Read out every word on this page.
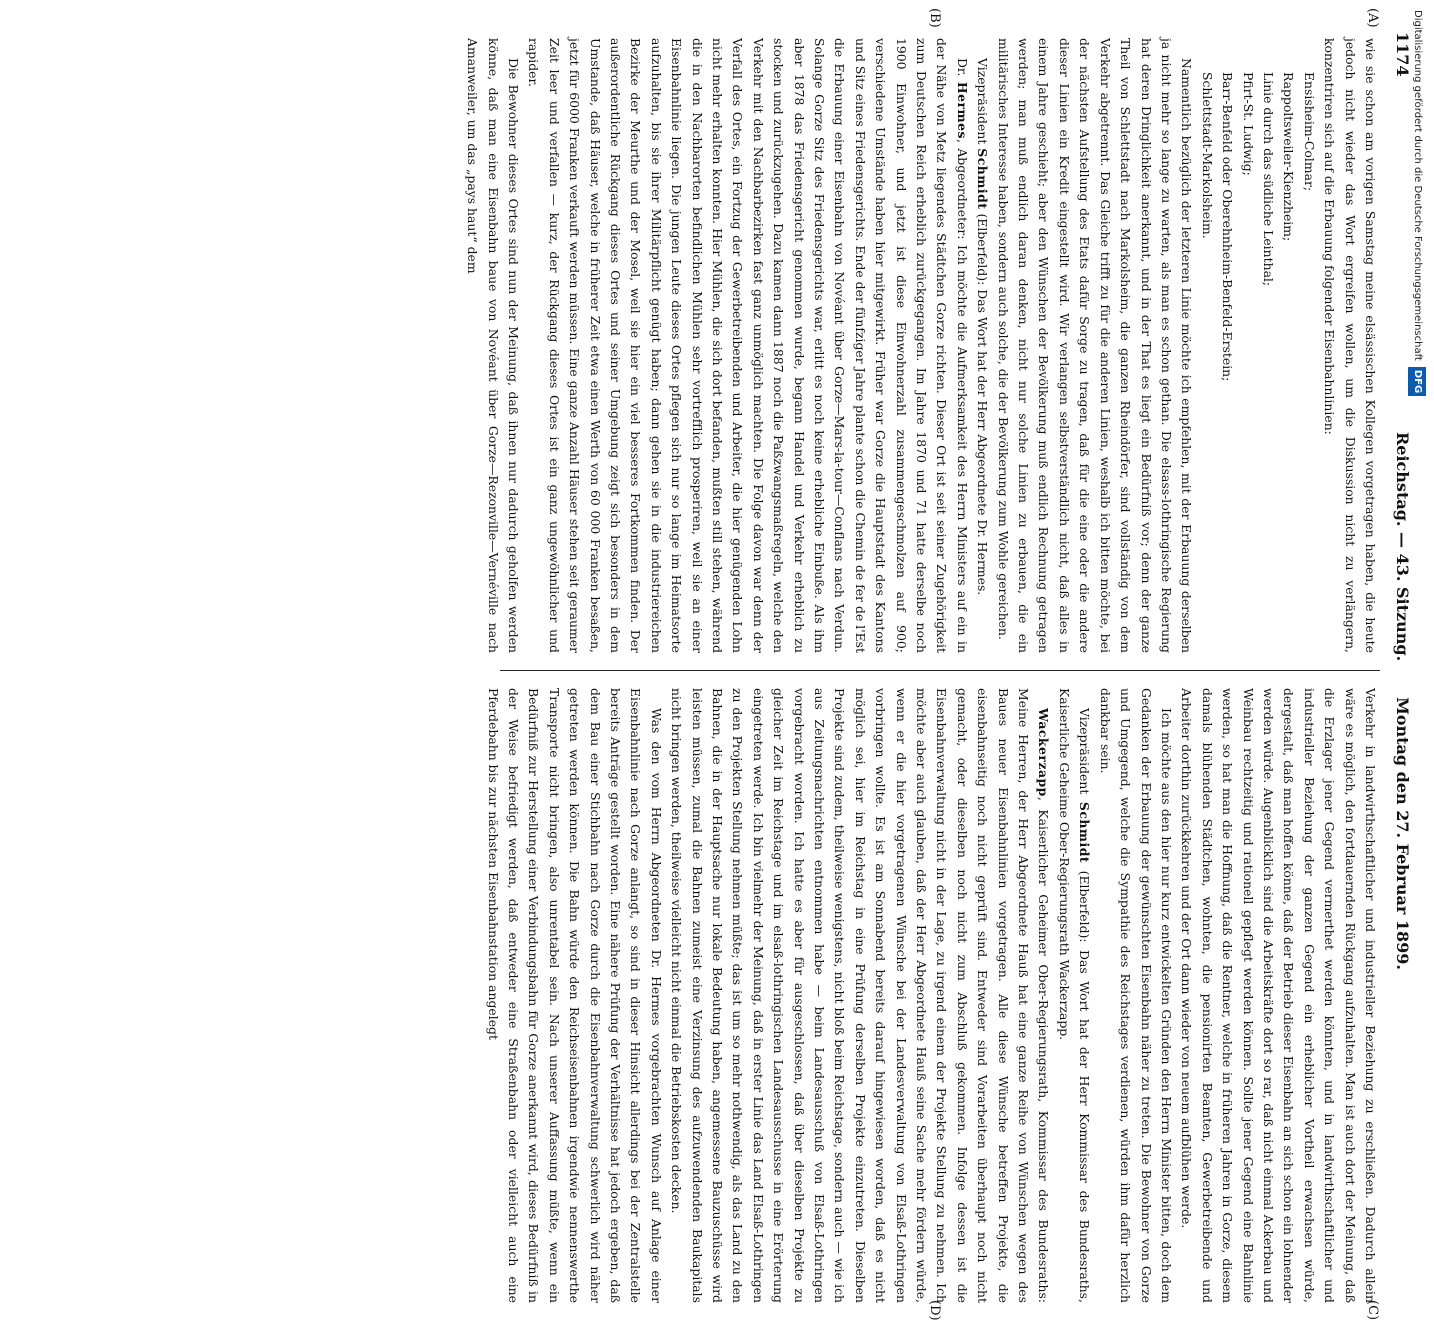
1174
Reichstag. — 43. Sitzung.
Montag den 27. Februar 1899.

wie sie schon am vorigen Samstag meine elsässischen Kollegen vorgetragen haben, die heute jedoch nicht wieder das Wort ergreifen wollen, um die Diskussion nicht zu verlängern, konzentriren sich auf die Erbauung folgender Eisenbahnlinien:

Ensisheim-Colmar;

Rappoltsweiler-Kienzheim;

Linie durch das südliche Leinthal;

Pfirt-St. Ludwig;

Barr-Benfeld oder Oberehnheim-Benfeld-Erstein;

Schlettstadt-Markolsheim.

Namentlich bezüglich der letzteren Linie möchte ich empfehlen, mit der Erbauung derselben ja nicht mehr so lange zu warten, als man es schon gethan. Die elsass-lothringische Regierung hat deren Dringlichkeit anerkannt, und in der That es liegt ein Bedürfniß vor; denn der ganze Theil von Schlettstadt nach Markolsheim, die ganzen Rheindörfer, sind vollständig von dem Verkehr abgetrennt. Das Gleiche trifft zu für die anderen Linien, weshalb ich bitten möchte, bei der nächsten Aufstellung des Etats dafür Sorge zu tragen, daß für die eine oder die andere dieser Linien ein Kredit eingestellt wird. Wir verlangen selbstverständlich nicht, daß alles in einem Jahre geschieht; aber den Wünschen der Bevölkerung muß endlich Rechnung getragen werden; man muß endlich daran denken, nicht nur solche Linien zu erbauen, die ein militärisches Interesse haben, sondern auch solche, die der Bevölkerung zum Wohle gereichen.

Vizepräsident Schmidt (Elberfeld): Das Wort hat der Herr Abgeordnete Dr. Hermes.

Dr. Hermes, Abgeordneter: Ich möchte die Aufmerksamkeit des Herrn Ministers auf ein in der Nähe von Metz liegendes Städtchen Gorze richten. Dieser Ort ist seit seiner Zugehörigkeit zum Deutschen Reich erheblich zurückgegangen. Im Jahre 1870 und 71 hatte derselbe noch 1900 Einwohner, und jetzt ist diese Einwohnerzahl zusammengeschmolzen auf 900; verschiedene Umstände haben hier mitgewirkt. Früher war Gorze die Hauptstadt des Kantons und Sitz eines Friedensgerichts. Ende der fünfziger Jahre plante schon die Chemin de fer de l'Est die Erbauung einer Eisenbahn von Novéant über Gorze—Mars-la-tour—Conflans nach Verdun. Solange Gorze Sitz des Friedensgerichts war, erlitt es noch keine erhebliche Einbuße. Als ihm aber 1878 das Friedensgericht genommen wurde, begann Handel und Verkehr erheblich zu stocken und zurückzugehen. Dazu kamen dann 1887 noch die Paßzwangsmaßregeln, welche den Verkehr mit den Nachbarbezirken fast ganz unmöglich machten. Die Folge davon war denn der Verfall des Ortes, ein Fortzug der Gewerbetreibenden und Arbeiter, die hier genügenden Lohn nicht mehr erhalten konnten. Hier Mühlen, die sich dort befanden, mußten still stehen, während die in den Nachbarorten befindlichen Mühlen sehr vortrefflich prosperiren, weil sie an einer Eisenbahnlinie liegen. Die jungen Leute dieses Ortes pflegen sich nur so lange im Heimatsorte aufzuhalten, bis sie ihrer Militärpflicht genügt haben; dann gehen sie in die industriereichen Bezirke der Meurthe und der Mosel, weil sie hier ein viel besseres Fortkommen finden. Der außerordentliche Rückgang dieses Ortes und seiner Umgebung zeigt sich besonders in dem Umstande, daß Häuser, welche in früherer Zeit etwa einen Werth von 60 000 Franken besaßen, jetzt für 6000 Franken verkauft werden müssen. Eine ganze Anzahl Häuser stehen seit geraumer Zeit leer und verfallen — kurz, der Rückgang dieses Ortes ist ein ganz ungewöhnlicher und rapider.

Die Bewohner dieses Ortes sind nun der Meinung, daß ihnen nur dadurch geholfen werden könne, daß man eine Eisenbahn baue von Novéant über Gorze—Rezonville—Vernéville nach Amanweiler, um das „pays haut“ dem

Verkehr in landwirthschaftlicher und industrieller Beziehung zu erschließen. Dadurch allein wäre es möglich, den fortdauernden Rückgang aufzuhalten. Man ist auch dort der Meinung, daß die Erzlager jener Gegend vermerthet werden könnten, und in landwirthschaftlicher und industrieller Beziehung der ganzen Gegend ein erheblicher Vortheil erwachsen würde, dergestalt, daß man hoffen könne, daß der Betrieb dieser Eisenbahn an sich schon ein lohnender werden würde. Augenblicklich sind die Arbeitskräfte dort so rar, daß nicht einmal Ackerbau und Weinbau rechtzeitig und rationell gepflegt werden können. Sollte jener Gegend eine Bahnlinie werden, so hat man die Hoffnung, daß die Rentner, welche in früheren Jahren in Gorze, diesem damals blühenden Städtchen, wohnten, die pensionirten Beamten, Gewerbetreibende und Arbeiter dorthin zurückkehren und der Ort dann wieder von neuem aufblühen werde.

Ich möchte aus den hier nur kurz entwickelten Gründen den Herrn Minister bitten, doch dem Gedanken der Erbauung der gewünschten Eisenbahn näher zu treten. Die Bewohner von Gorze und Umgegend, welche die Sympathie des Reichstages verdienen, würden ihm dafür herzlich dankbar sein.

Vizepräsident Schmidt (Elberfeld): Das Wort hat der Herr Kommissar des Bundesraths, Kaiserliche Geheime Ober-Regierungsrath Wackerzapp.

Wackerzapp, Kaiserlicher Geheimer Ober-Regierungsrath, Kommissar des Bundesraths: Meine Herren, der Herr Abgeordnete Hauß hat eine ganze Reihe von Wünschen wegen des Baues neuer Eisenbahnlinien vorgetragen. Alle diese Wünsche betreffen Projekte, die eisenbahnseitig noch nicht geprüft sind. Entweder sind Vorarbeiten überhaupt noch nicht gemacht, oder dieselben noch nicht zum Abschluß gekommen. Infolge dessen ist die Eisenbahnverwaltung nicht in der Lage, zu irgend einem der Projekte Stellung zu nehmen. Ich möchte aber auch glauben, daß der Herr Abgeordnete Hauß seine Sache mehr fördern würde, wenn er die hier vorgetragenen Wünsche bei der Landesverwaltung von Elsaß-Lothringen vorbringen wollte. Es ist am Sonnabend bereits darauf hingewiesen worden, daß es nicht möglich sei, hier im Reichstag in eine Prüfung derselben Projekte einzutreten. Dieselben Projekte sind zudem, theilweise wenigstens, nicht bloß beim Reichstage, sondern auch — wie ich aus Zeitungsnachrichten entnommen habe — beim Landesausschuß von Elsaß-Lothringen vorgebracht worden. Ich hatte es aber für ausgeschlossen, daß über dieselben Projekte zu gleicher Zeit im Reichstage und im elsaß-lothringischen Landesausschusse in eine Erörterung eingetreten werde. Ich bin vielmehr der Meinung, daß in erster Linie das Land Elsaß-Lothringen zu den Projekten Stellung nehmen müßte; das ist um so mehr nothwendig, als das Land zu den Bahnen, die in der Hauptsache nur lokale Bedeutung haben, angemessene Bauzuschüsse wird leisten müssen, zumal die Bahnen zumeist eine Verzinsung des aufzuwendenden Baukapitals nicht bringen werden, theilweise vielleicht nicht einmal die Betriebskosten decken.

Was den vom Herrn Abgeordneten Dr. Hermes vorgebrachten Wunsch auf Anlage einer Eisenbahnlinie nach Gorze anlangt, so sind in dieser Hinsicht allerdings bei der Zentralstelle bereits Anträge gestellt worden. Eine nähere Prüfung der Verhältnisse hat jedoch ergeben, daß dem Bau einer Stichbahn nach Gorze durch die Eisenbahnverwaltung schwerlich wird näher getreten werden können. Die Bahn würde den Reichseisenbahnen irgendwie nennenswerthe Transporte nicht bringen, also unrentabel sein. Nach unserer Auffassung müßte, wenn ein Bedürfniß zur Herstellung einer Verbindungsbahn für Gorze anerkannt wird, dieses Bedürfniß in der Weise befriedigt werden, daß entweder eine Straßenbahn oder vielleicht auch eine Pferdebahn bis zur nächsten Eisenbahnstation angelegt

(A)
(B)
(C)
(D)
Digitalisierung gefördert durch die Deutsche ForschungsgemeinschaftDFG
